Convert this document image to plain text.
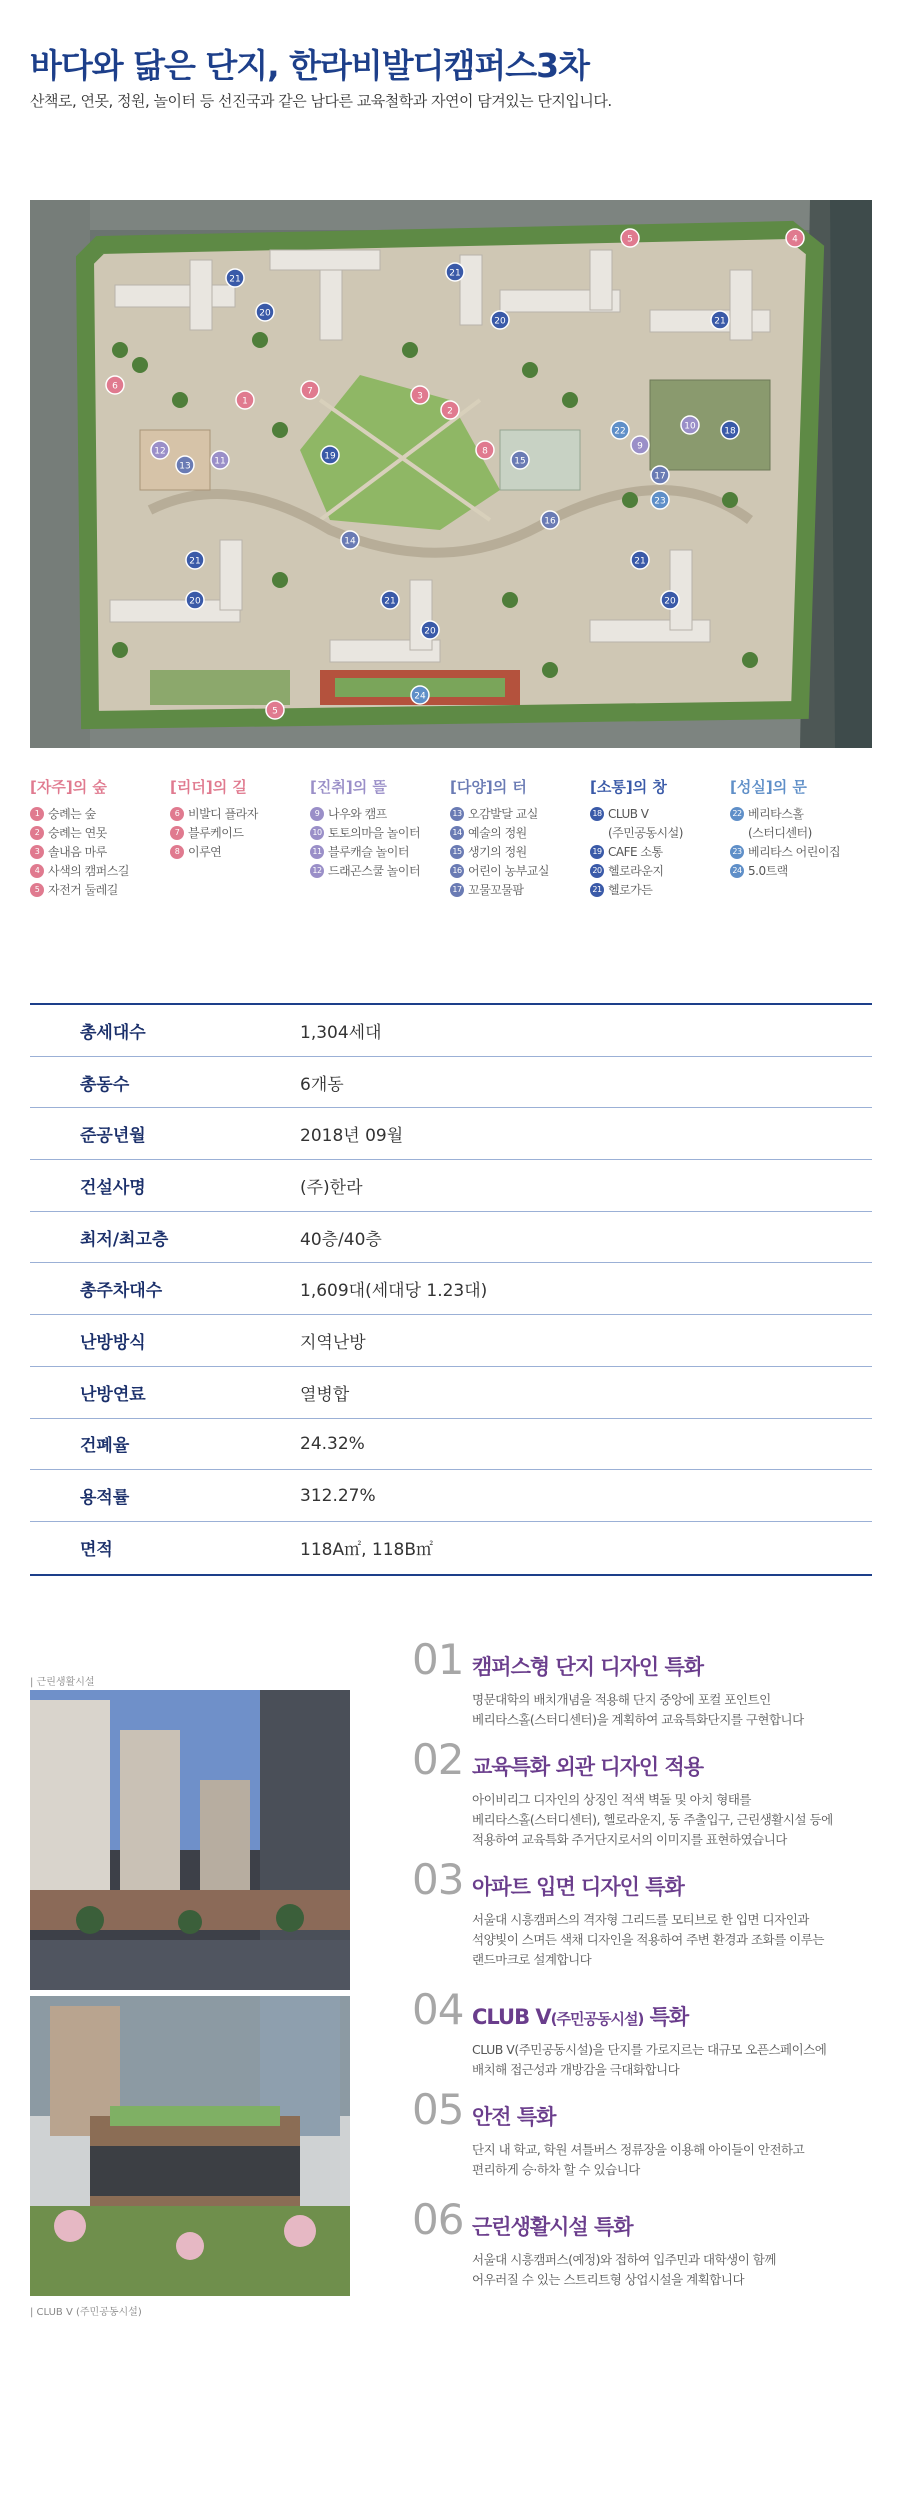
바다와 닮은 단지, 한라비발디캠퍼스3차
산책로, 연못, 정원, 놀이터 등 선진국과 같은 남다른 교육철학과 자연이 담겨있는 단지입니다.
21
20
21
20	21
5	4
6
2
3
1
7
8
19
14
12
13	15
10
9
11
16
17
18
22
23
24
21
20	21
20
21
20
5
[자주]의 숲
1 숭례는 숲
2 숭례는 연못
3 솔내음 마루
4 사색의 캠퍼스길
5 자전거 둘레길
[리더]의 길
6 비발디 플라자
7 블루케이드
8 이루연
[진취]의 뜰
9 나우와 캠프
10 토토의마을 놀이터
11 블루캐슬 놀이터
12 드래곤스쿨 놀이터
[다양]의 터
13 오감발달 교실
14 예술의 정원
15 생기의 정원
16 어린이 농부교실
17 꼬물꼬물팜
[소통]의 창
18 CLUB V
(주민공동시설)
19 CAFE 소통
20 헬로라운지
21 헬로가든
[성실]의 문
22 베리타스홀
(스터디센터)
23 베리타스 어린이집
24 5.0트랙
총세대수	1,304세대
총동수	6개동
준공년월	2018년 09월
건설사명	(주)한라
최저/최고층	40층/40층
총주차대수	1,609대(세대당 1.23대)
난방방식	지역난방
난방연료	열병합
건폐율	24.32%
용적률	312.27%
면적	118A㎡, 118B㎡
| 근린생활시설
| CLUB V (주민공동시설)
01 캠퍼스형 단지 디자인 특화
명문대학의 배치개념을 적용해 단지 중앙에 포컬 포인트인
베리타스홀(스터디센터)을 계획하여 교육특화단지를 구현합니다
02 교육특화 외관 디자인 적용
아이비리그 디자인의 상징인 적색 벽돌 및 아치 형태를
베리타스홀(스터디센터), 헬로라운지, 동 주출입구, 근린생활시설 등에
적용하여 교육특화 주거단지로서의 이미지를 표현하였습니다
03 아파트 입면 디자인 특화
서울대 시흥캠퍼스의 격자형 그리드를 모티브로 한 입면 디자인과
석양빛이 스며든 색채 디자인을 적용하여 주변 환경과 조화를 이루는
랜드마크로 설계합니다
04 CLUB V(주민공동시설) 특화
CLUB V(주민공동시설)을 단지를 가로지르는 대규모 오픈스페이스에
배치해 접근성과 개방감을 극대화합니다
05 안전 특화
단지 내 학교, 학원 셔틀버스 정류장을 이용해 아이들이 안전하고
편리하게 승·하차 할 수 있습니다
06 근린생활시설 특화
서울대 시흥캠퍼스(예정)와 접하여 입주민과 대학생이 함께
어우러질 수 있는 스트리트형 상업시설을 계획합니다
